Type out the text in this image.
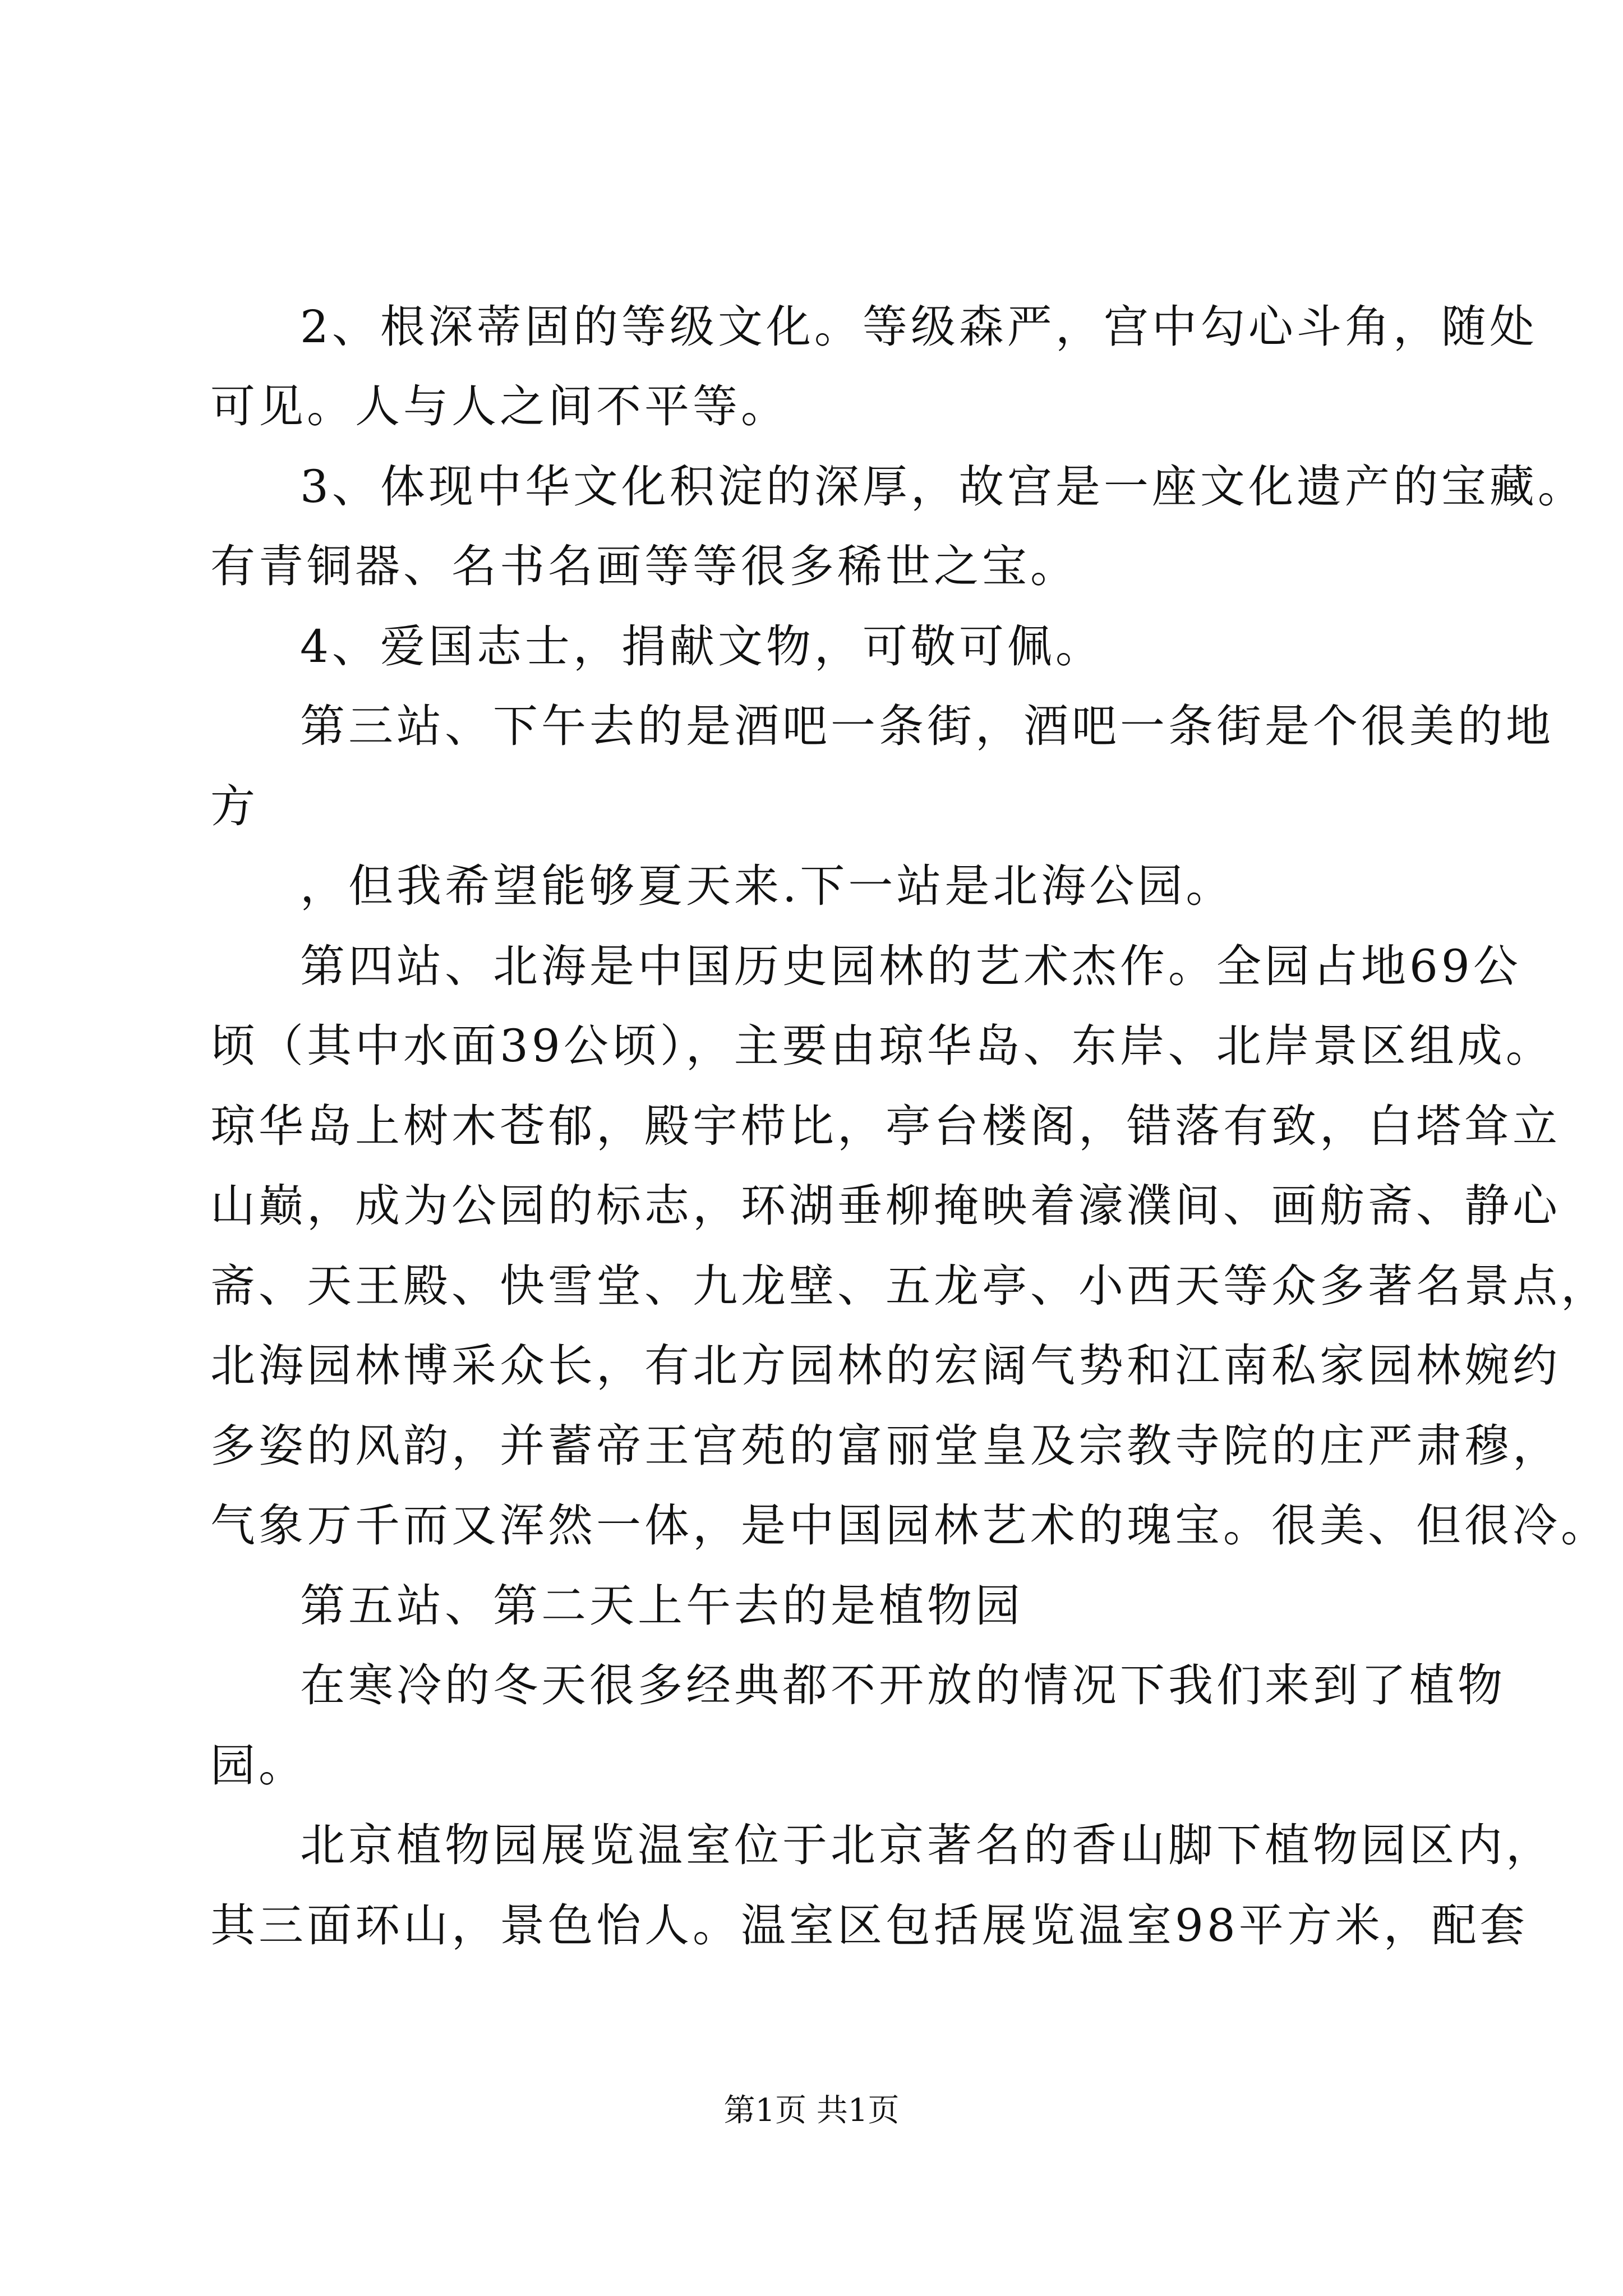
2、根深蒂固的等级文化。等级森严，宫中勾心斗角，随处
可见。人与人之间不平等。
3、体现中华文化积淀的深厚，故宫是一座文化遗产的宝藏。
有青铜器、名书名画等等很多稀世之宝。
4、爱国志士，捐献文物，可敬可佩。
第三站、下午去的是酒吧一条街，酒吧一条街是个很美的地
方
，但我希望能够夏天来.下一站是北海公园。
第四站、北海是中国历史园林的艺术杰作。全园占地69公
顷（其中水面39公顷），主要由琼华岛、东岸、北岸景区组成。
琼华岛上树木苍郁，殿宇栉比，亭台楼阁，错落有致，白塔耸立
山巅，成为公园的标志，环湖垂柳掩映着濠濮间、画舫斋、静心
斋、天王殿、快雪堂、九龙壁、五龙亭、小西天等众多著名景点，
北海园林博采众长，有北方园林的宏阔气势和江南私家园林婉约
多姿的风韵，并蓄帝王宫苑的富丽堂皇及宗教寺院的庄严肃穆，
气象万千而又浑然一体，是中国园林艺术的瑰宝。很美、但很冷。
第五站、第二天上午去的是植物园
在寒冷的冬天很多经典都不开放的情况下我们来到了植物
园。
北京植物园展览温室位于北京著名的香山脚下植物园区内，
其三面环山，景色怡人。温室区包括展览温室98平方米，配套
第1页 共1页
